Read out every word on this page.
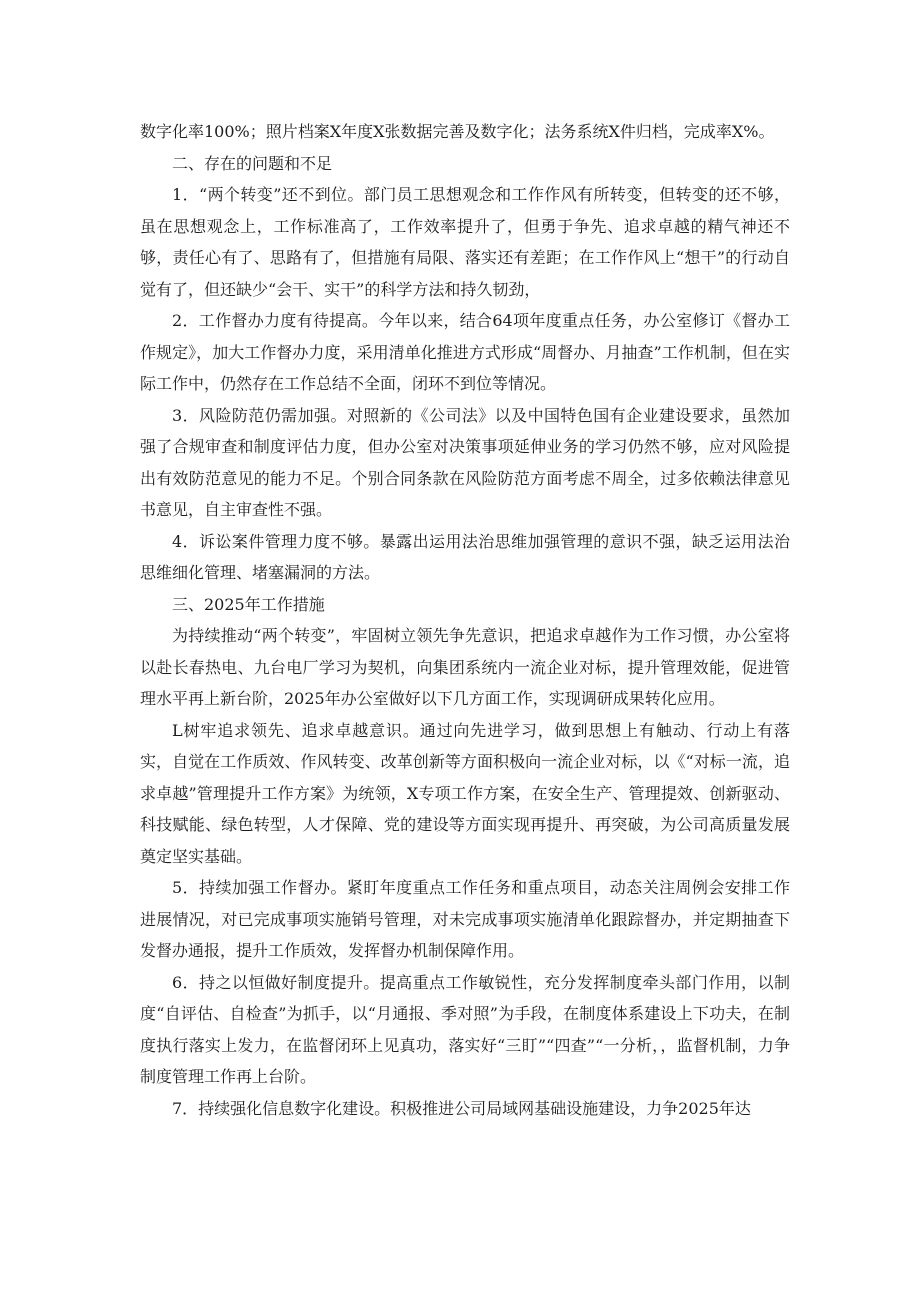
数字化率100%；照片档案X年度X张数据完善及数字化；法务系统X件归档，完成率X%。

二、存在的问题和不足

1．“两个转变”还不到位。部门员工思想观念和工作作风有所转变，但转变的还不够，虽在思想观念上，工作标准高了，工作效率提升了，但勇于争先、追求卓越的精气神还不够，责任心有了、思路有了，但措施有局限、落实还有差距；在工作作风上“想干”的行动自觉有了，但还缺少“会干、实干”的科学方法和持久韧劲，

2．工作督办力度有待提高。今年以来，结合64项年度重点任务，办公室修订《督办工作规定》，加大工作督办力度，采用清单化推进方式形成“周督办、月抽查”工作机制，但在实际工作中，仍然存在工作总结不全面，闭环不到位等情况。

3．风险防范仍需加强。对照新的《公司法》以及中国特色国有企业建设要求，虽然加强了合规审查和制度评估力度，但办公室对决策事项延伸业务的学习仍然不够，应对风险提出有效防范意见的能力不足。个别合同条款在风险防范方面考虑不周全，过多依赖法律意见书意见，自主审查性不强。

4．诉讼案件管理力度不够。暴露出运用法治思维加强管理的意识不强，缺乏运用法治思维细化管理、堵塞漏洞的方法。

三、2025年工作措施

为持续推动“两个转变”，牢固树立领先争先意识，把追求卓越作为工作习惯，办公室将以赴长春热电、九台电厂学习为契机，向集团系统内一流企业对标，提升管理效能，促进管理水平再上新台阶，2025年办公室做好以下几方面工作，实现调研成果转化应用。

L树牢追求领先、追求卓越意识。通过向先进学习，做到思想上有触动、行动上有落实，自觉在工作质效、作风转变、改革创新等方面积极向一流企业对标，以《“对标一流，追求卓越”管理提升工作方案》为统领，X专项工作方案，在安全生产、管理提效、创新驱动、科技赋能、绿色转型，人才保障、党的建设等方面实现再提升、再突破，为公司高质量发展奠定坚实基础。

5．持续加强工作督办。紧盯年度重点工作任务和重点项目，动态关注周例会安排工作进展情况，对已完成事项实施销号管理，对未完成事项实施清单化跟踪督办，并定期抽查下发督办通报，提升工作质效，发挥督办机制保障作用。

6．持之以恒做好制度提升。提高重点工作敏锐性，充分发挥制度牵头部门作用，以制度“自评估、自检查”为抓手，以“月通报、季对照”为手段，在制度体系建设上下功夫，在制度执行落实上发力，在监督闭环上见真功，落实好“三盯”“四查”“一分析，，监督机制，力争制度管理工作再上台阶。

7．持续强化信息数字化建设。积极推进公司局域网基础设施建设，力争2025年达
